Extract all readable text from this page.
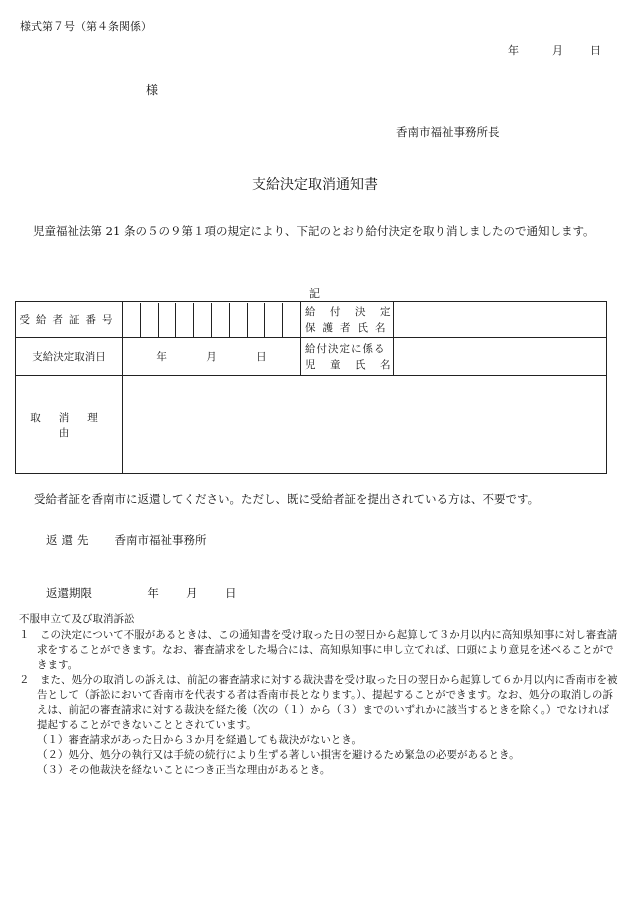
様式第７号（第４条関係）
年	月 日
様
香南市福祉事務所長
支給決定取消通知書
児童福祉法第 21 条の５の９第１項の規定により、下記のとおり給付決定を取り消しましたので通知します。
記
受給者証番号		給　付　決　定
保護者氏名	

支給決定取消日	年 月 日	給付決定に係る
児　童　氏　名	

取消理由			
受給者証を香南市に返還してください。ただし、既に受給者証を提出されている方は、不要です。
返還先 香南市福祉事務所
返還期限	年 月 日
不服申立て及び取消訴訟
１　この決定について不服があるときは、この通知書を受け取った日の翌日から起算して３か月以内に高知県知事に対し審査請求をすることができます。なお、審査請求をした場合には、高知県知事に申し立てれば、口頭により意見を述べることができます。
２　また、処分の取消しの訴えは、前記の審査請求に対する裁決書を受け取った日の翌日から起算して６か月以内に香南市を被告として（訴訟において香南市を代表する者は香南市長となります。）、提起することができます。なお、処分の取消しの訴えは、前記の審査請求に対する裁決を経た後（次の（１）から（３）までのいずれかに該当するときを除く。）でなければ提起することができないこととされています。
（１）審査請求があった日から３か月を経過しても裁決がないとき。
（２）処分、処分の執行又は手続の続行により生ずる著しい損害を避けるため緊急の必要があるとき。
（３）その他裁決を経ないことにつき正当な理由があるとき。
